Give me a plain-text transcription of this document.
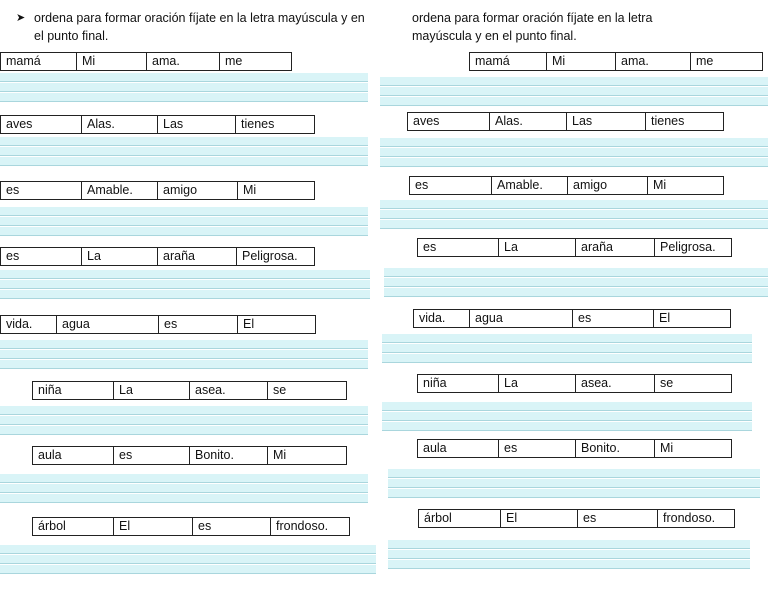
➤ ordena para formar oración fíjate en la letra mayúscula y en
el punto final.
mamá	Mi	ama.	me
aves	Alas.	Las	tienes
es	Amable.	amigo	Mi
es	La	araña	Peligrosa.
vida.	agua	es	El
niña	La	asea.	se
aula	es	Bonito.	Mi
árbol	El	es	frondoso.
ordena para formar oración fíjate en la letra
mayúscula y en el punto final.
mamá	Mi	ama.	me
aves	Alas.	Las	tienes
es	Amable.	amigo	Mi
es	La	araña	Peligrosa.
vida.	agua	es	El
niña	La	asea.	se
aula	es	Bonito.	Mi
árbol	El	es	frondoso.
